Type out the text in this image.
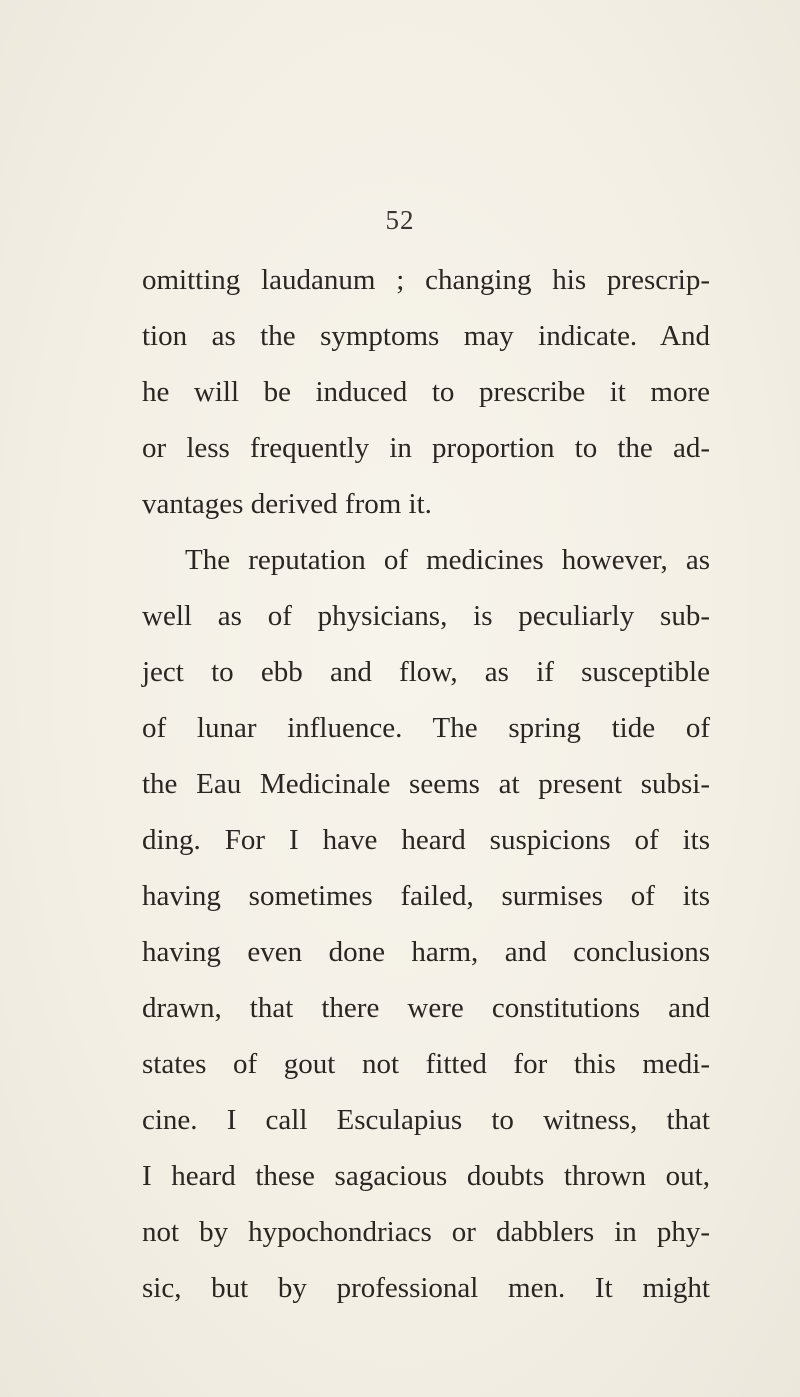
52
omitting laudanum ; changing his prescrip-
tion as the symptoms may indicate. And
he will be induced to prescribe it more
or less frequently in proportion to the ad-
vantages derived from it.
The reputation of medicines however, as
well as of physicians, is peculiarly sub-
ject to ebb and flow, as if susceptible
of lunar influence. The spring tide of
the Eau Medicinale seems at present subsi-
ding. For I have heard suspicions of its
having sometimes failed, surmises of its
having even done harm, and conclusions
drawn, that there were constitutions and
states of gout not fitted for this medi-
cine. I call Esculapius to witness, that
I heard these sagacious doubts thrown out,
not by hypochondriacs or dabblers in phy-
sic, but by professional men. It might
